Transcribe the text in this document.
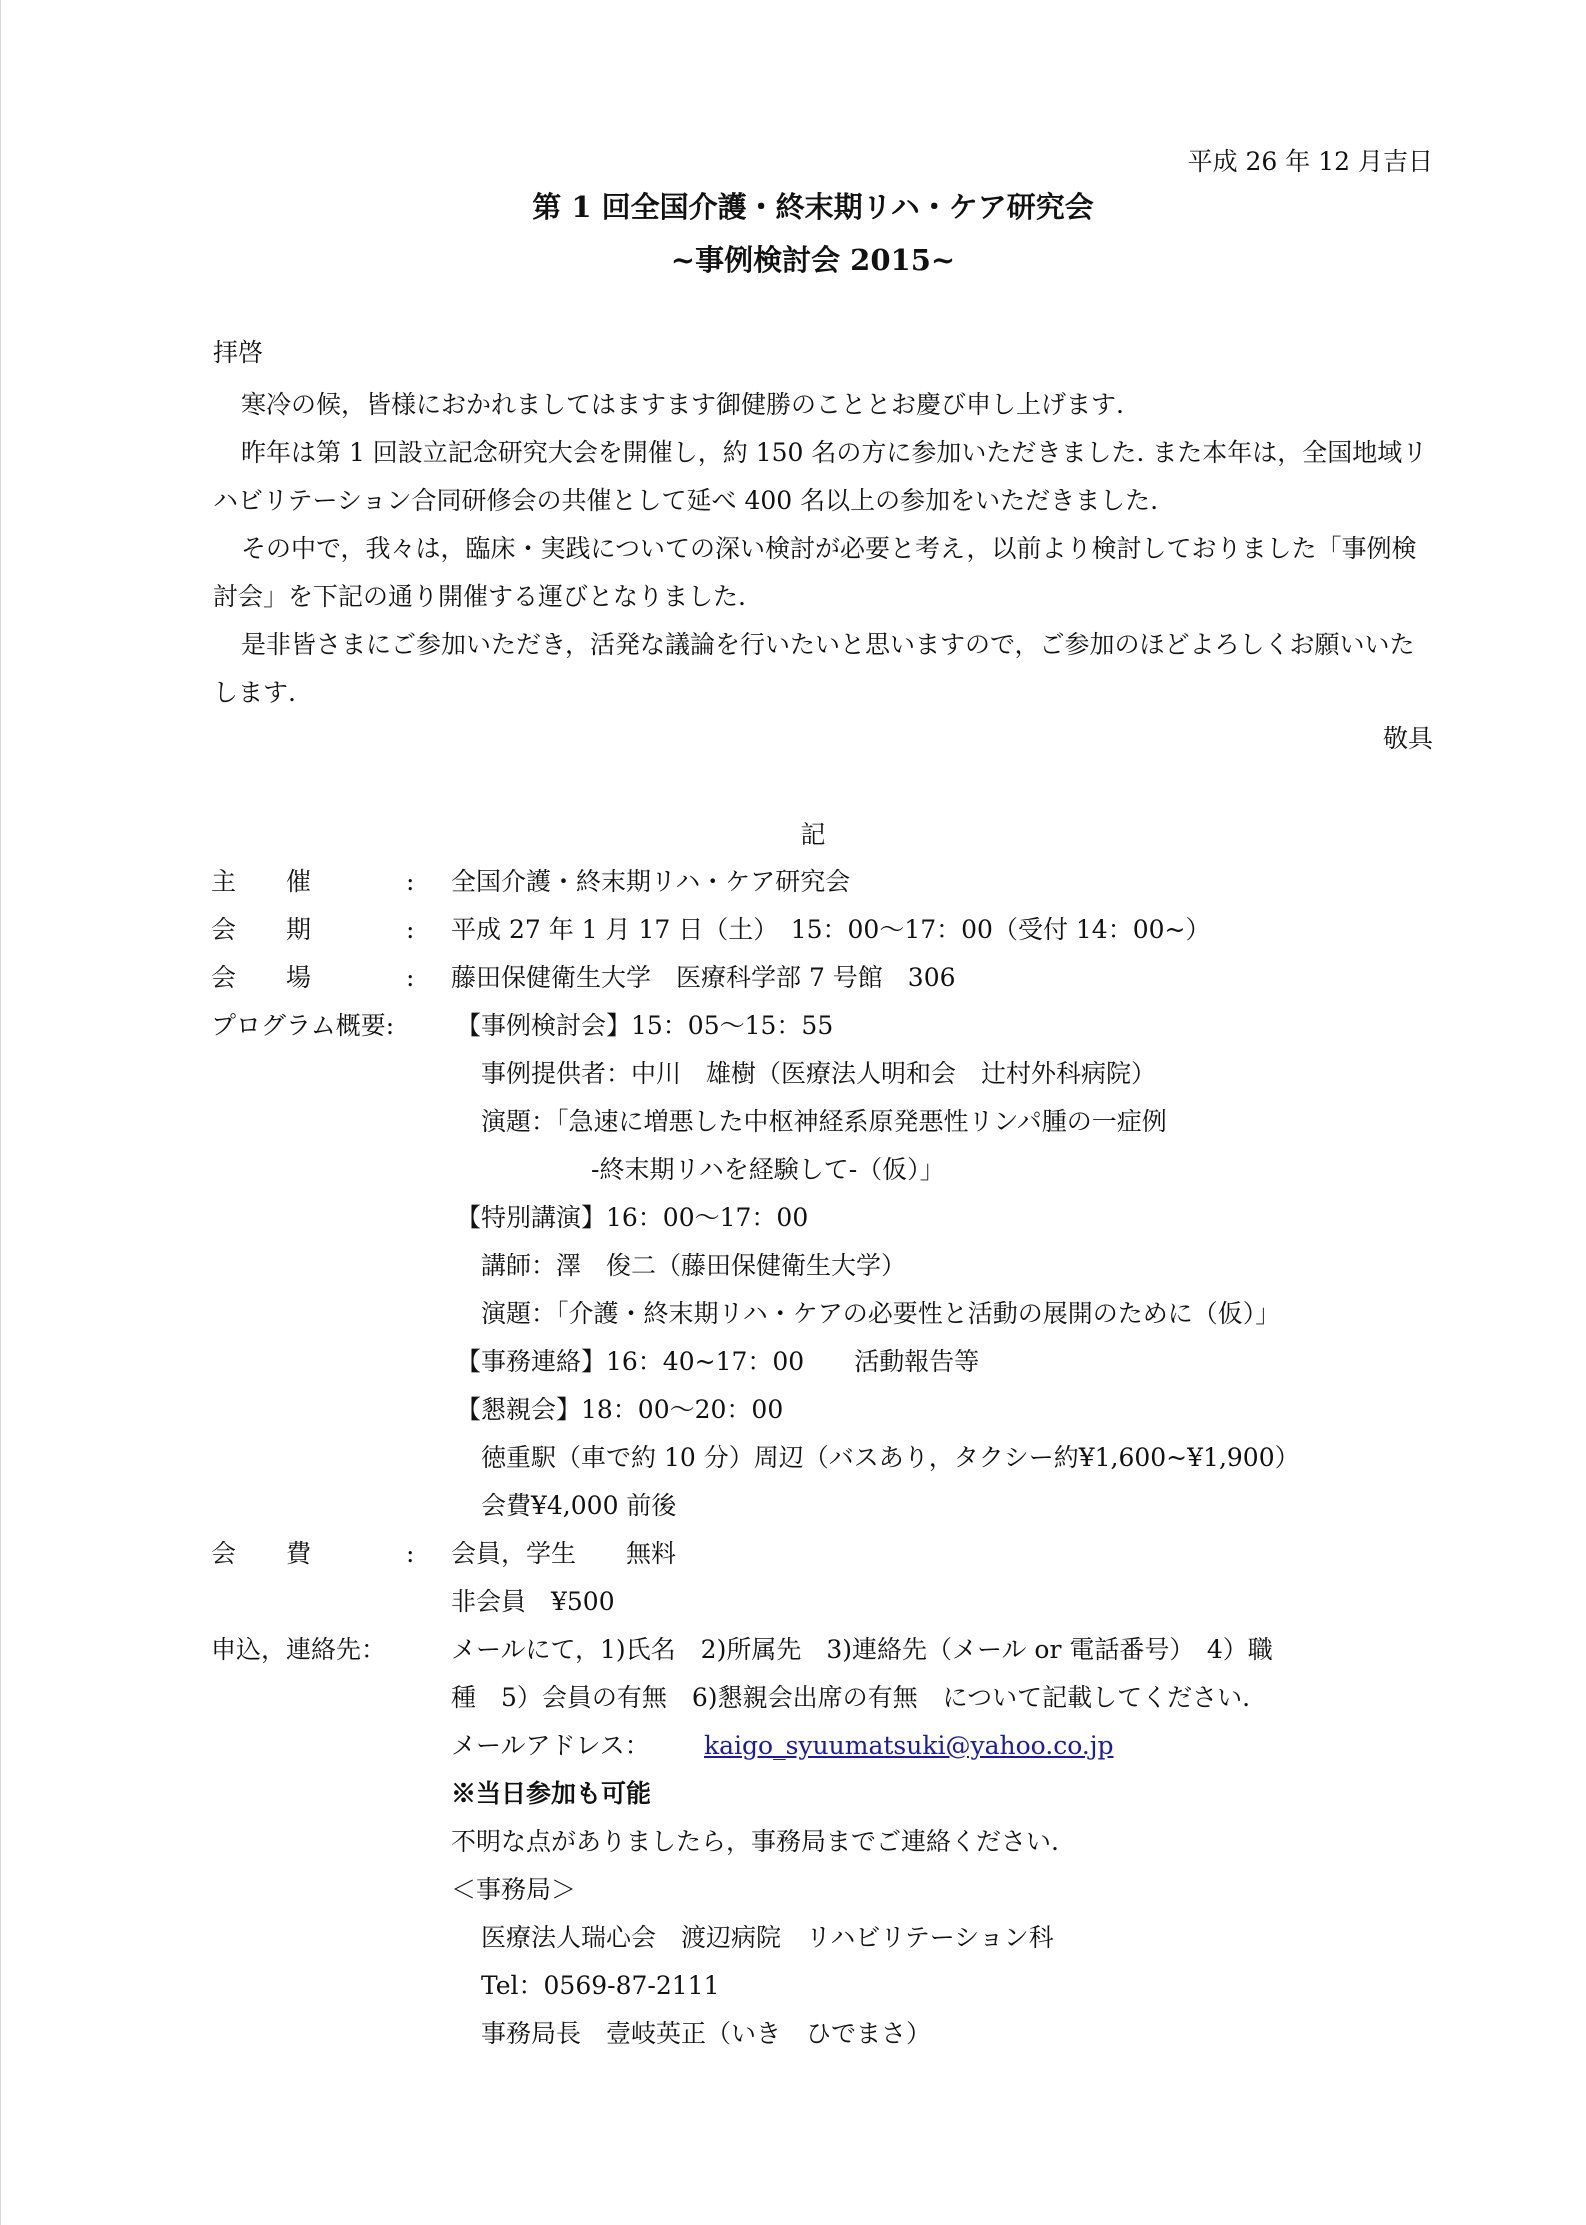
平成 26 年 12 月吉日
第 1 回全国介護・終末期リハ・ケア研究会
~事例検討会 2015~
拝啓
寒冷の候，皆様におかれましてはますます御健勝のこととお慶び申し上げます.
昨年は第 1 回設立記念研究大会を開催し，約 150 名の方に参加いただきました. また本年は，全国地域リハビリテーション合同研修会の共催として延べ 400 名以上の参加をいただきました.
その中で，我々は，臨床・実践についての深い検討が必要と考え，以前より検討しておりました「事例検討会」を下記の通り開催する運びとなりました.
是非皆さまにご参加いただき，活発な議論を行いたいと思いますので，ご参加のほどよろしくお願いいたします.
敬具
記
主　　催	: 全国介護・終末期リハ・ケア研究会
会　　期	: 平成 27 年 1 月 17 日（土）　15：00〜17：00（受付 14：00~）
会　　場	: 藤田保健衛生大学　医療科学部 7 号館　306
プログラム概要: 【事例検討会】15：05〜15：55
事例提供者：中川　雄樹（医療法人明和会　辻村外科病院）
演題：「急速に増悪した中枢神経系原発悪性リンパ腫の一症例
-終末期リハを経験して-（仮）」
【特別講演】16：00〜17：00
講師：澤　俊二（藤田保健衛生大学）
演題：「介護・終末期リハ・ケアの必要性と活動の展開のために（仮）」
【事務連絡】16：40~17：00　　活動報告等
【懇親会】18：00〜20：00
徳重駅（車で約 10 分）周辺（バスあり，タクシー約¥1,600~¥1,900）
会費¥4,000 前後
会　　費	: 会員，学生　　無料
非会員　¥500
申込，連絡先：	メールにて，1)氏名　2)所属先　3)連絡先（メール or 電話番号）　4）職
種　5）会員の有無　6)懇親会出席の有無　について記載してください.
メールアドレス： kaigo_syuumatsuki@yahoo.co.jp
※当日参加も可能
不明な点がありましたら，事務局までご連絡ください.
＜事務局＞
医療法人瑞心会　渡辺病院　リハビリテーション科
Tel：0569-87-2111
事務局長　壹岐英正（いき　ひでまさ）
